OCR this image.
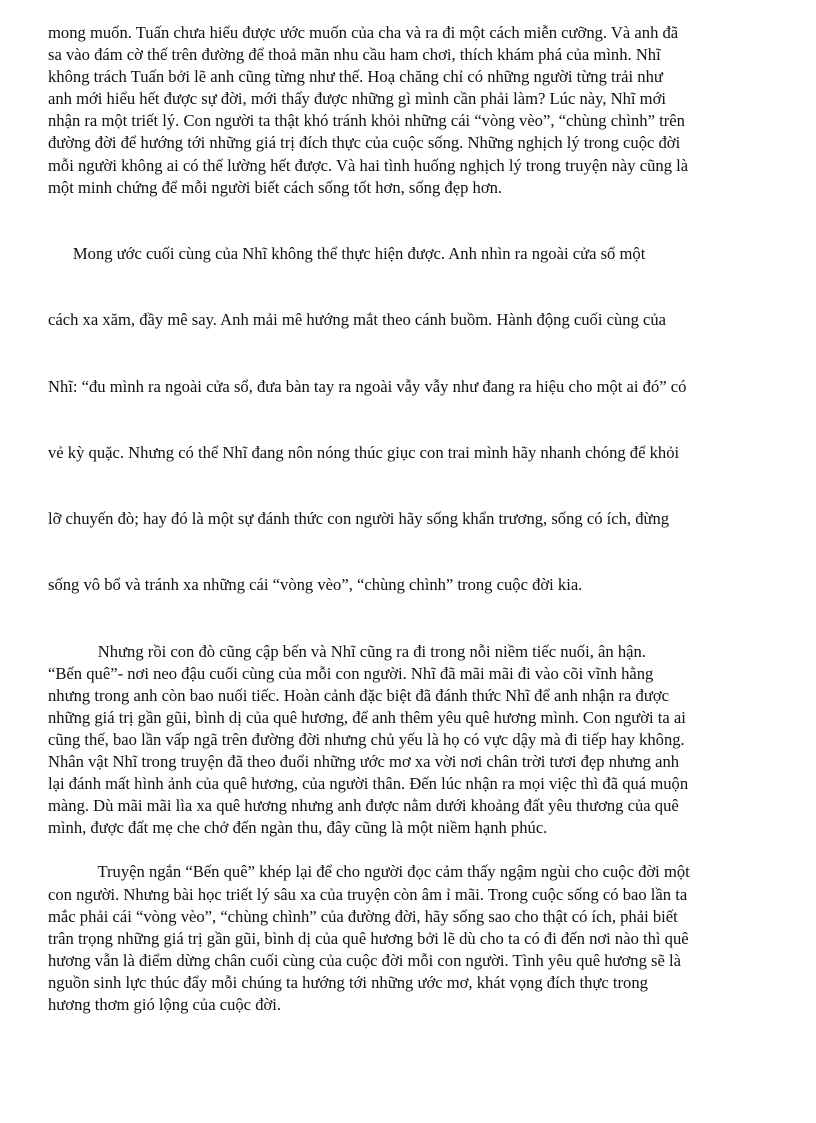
mong muốn. Tuấn chưa hiểu được ước muốn của cha và ra đi một cách miễn cưỡng. Và anh đã
sa vào đám cờ thế trên đường để thoả mãn nhu cầu ham chơi, thích khám phá của mình. Nhĩ
không trách Tuấn bởi lẽ anh cũng từng như thế. Hoạ chăng chỉ có những người từng trải như
anh mới hiểu hết được sự đời, mới thấy được những gì mình cần phải làm? Lúc này, Nhĩ mới
nhận ra một triết lý. Con người ta thật khó tránh khỏi những cái “vòng vèo”, “chùng chình” trên
đường đời để hướng tới những giá trị đích thực của cuộc sống. Những nghịch lý trong cuộc đời
mỗi người không ai có thể lường hết được. Và hai tình huống nghịch lý trong truyện này cũng là
một minh chứng để mỗi người biết cách sống tốt hơn, sống đẹp hơn.

Mong ước cuối cùng của Nhĩ không thể thực hiện được. Anh nhìn ra ngoài cửa sổ một

cách xa xăm, đầy mê say. Anh mải mê hướng mắt theo cánh buồm. Hành động cuối cùng của

Nhĩ: “đu mình ra ngoài cửa sổ, đưa bàn tay ra ngoài vẫy vẫy như đang ra hiệu cho một ai đó” có

vẻ kỳ quặc. Nhưng có thể Nhĩ đang nôn nóng thúc giục con trai mình hãy nhanh chóng để khỏi

lỡ chuyến đò; hay đó là một sự đánh thức con người hãy sống khẩn trương, sống có ích, đừng

sống vô bổ và tránh xa những cái “vòng vèo”, “chùng chình” trong cuộc đời kia.

Nhưng rồi con đò cũng cập bến và Nhĩ cũng ra đi trong nỗi niềm tiếc nuối, ân hận.
“Bến quê”- nơi neo đậu cuối cùng của mỗi con người. Nhĩ đã mãi mãi đi vào cõi vĩnh hằng
nhưng trong anh còn bao nuối tiếc. Hoàn cảnh đặc biệt đã đánh thức Nhĩ để anh nhận ra được
những giá trị gần gũi, bình dị của quê hương, để anh thêm yêu quê hương mình. Con người ta ai
cũng thế, bao lần vấp ngã trên đường đời nhưng chủ yếu là họ có vực dậy mà đi tiếp hay không.
Nhân vật Nhĩ trong truyện đã theo đuổi những ước mơ xa vời nơi chân trời tươi đẹp nhưng anh
lại đánh mất hình ảnh của quê hương, của người thân. Đến lúc nhận ra mọi việc thì đã quá muộn
màng. Dù mãi mãi lìa xa quê hương nhưng anh được nằm dưới khoảng đất yêu thương của quê
mình, được đất mẹ che chở đến ngàn thu, đây cũng là một niềm hạnh phúc.
Truyện ngắn “Bến quê” khép lại để cho người đọc cảm thấy ngậm ngùi cho cuộc đời một
con người. Nhưng bài học triết lý sâu xa của truyện còn âm ỉ mãi. Trong cuộc sống có bao lần ta
mắc phải cái “vòng vèo”, “chùng chình” của đường đời, hãy sống sao cho thật có ích, phải biết
trân trọng những giá trị gần gũi, bình dị của quê hương bởi lẽ dù cho ta có đi đến nơi nào thì quê
hương vẫn là điểm dừng chân cuối cùng của cuộc đời mỗi con người. Tình yêu quê hương sẽ là
nguồn sinh lực thúc đẩy mỗi chúng ta hướng tới những ước mơ, khát vọng đích thực trong
hương thơm gió lộng của cuộc đời.
